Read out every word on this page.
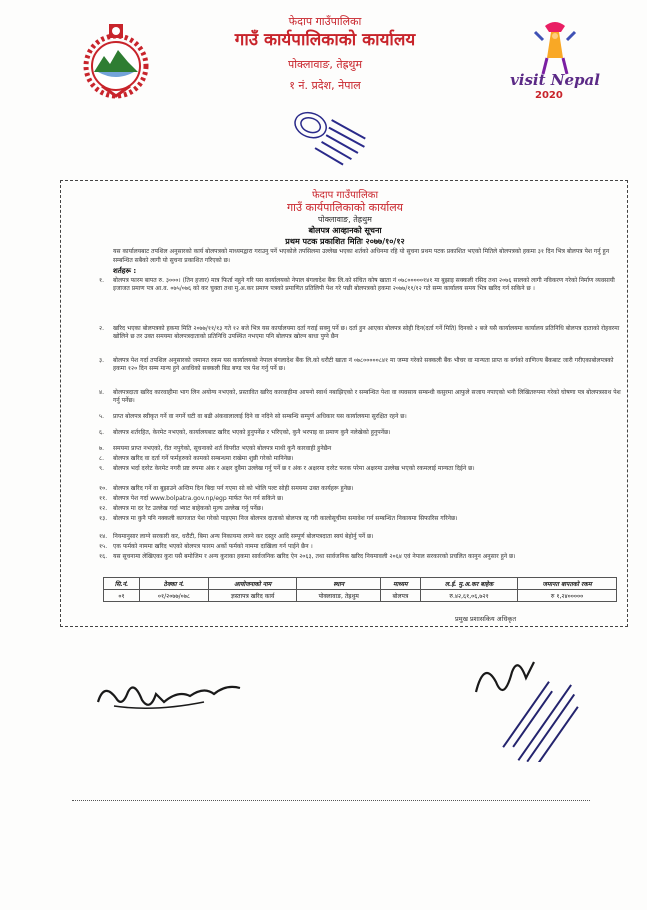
फेदाप गाउँपालिका
गाउँ कार्यपालिकाको कार्यालय
पोक्लावाङ, तेह्रथुम
१ नं. प्रदेश, नेपाल	visit Nepal
2020
फेदाप गाउँपालिका
गाउँ कार्यपालिकाको कार्यालय
पोक्लावाङ, तेह्रथुम
बोलपत्र आव्हानको सूचना
प्रथम पटक प्रकाशित मितिः २०७७/१०/१२
यस कार्यालयबाट तपशिल अनुसारको कार्य बोलपत्रको माध्यमद्वारा गराउनु पर्ने भएकोले तपसिलमा उल्लेख भएका शर्तको अधिनमा रहि यो सुचना प्रथम पटक प्रकाशित भएको मितिले बोलपत्रको हकमा ३१ दिन भित्र बोलपत्र पेश गर्नु हुन सम्बन्धित सबैको लागी यो सुचना प्रकाशित गरिएको छ।
शर्तहरू :
१.	बोलपत्र फारम बापत रु. ३०००। (तिन हजार) मात्र फिर्ता नहुने गरि यस कार्यालयको नेपाल बंगलादेश बैंक लि.को संचित कोष खाता नं ०७८०००००१४१ मा बुझाइ सक्कली रसिद तथा २०७६ सालको लागी नविकरण गरेको निर्माण व्यवसायी इजाजत प्रमाण पत्र आ.व. ०७५/०७६ को कर चुक्ता तथा मु.अ.कर प्रमाण पत्रको प्रमाणित प्रतिलिपी पेश गरे पछी बोलपत्रको हकमा २०७७/११/१२ गते सम्म कार्यालय समय भित्र खरिद गर्न सकिने छ ।
२.	खरिद भएका बोलपत्रको हकमा मिति २०७७/११/१३ गते १२ बजे भित्र यस कार्यालयमा दर्ता गराई सक्नु पर्ने छ। दर्ता हुन आएका बोलपत्र सोही दिन(दर्ता गर्ने मिति) दिनको २ बजे यसै कार्यालयमा कार्यालय प्रतिनिधि बोलपत्र दाताको रोहवरमा खोलिने छ तर उक्त समयमा बोलपत्रदाताको प्रतिनिधि उपस्थित नभएमा पनि बोलपत्र खोल्न बाधा पुग्ने छैन
३.	बोलपत्र पेश गर्दा तपशिल अनुसारको जमानत रकम यस कार्यालयको नेपाल बंगलादेश बैंक लि.को धरौटी खाता नं ०७८०००००८४१ मा जम्मा गरेको सक्कली बैंक भौचर वा मान्यता प्राप्त क वर्गको वाणिज्य बैंकबाट जारी गरीएकाबोलपत्रको हकमा १२० दिन सम्म मान्य हुने अवधिको सक्कली बिड बण्ड पत्र पेश गर्नु पर्ने छ।
४.	बोलपत्रदाता खरिद कारवाहीमा भाग लिन अयोग्य नभएको, प्रस्तावित खरिद कारवाहीमा आफ्नो स्वार्थ नबाझिएको र सम्बन्धित पेशा वा व्यवसाय सम्बन्धी कसुरमा आफुले सजाय नपाएको भनी लिखितरुपमा गरेको घोषणा पत्र बोलपत्रसाथ पेश गर्नु पर्नेछ।
५.	प्राप्त बोलपत्र स्वीकृत गर्ने वा नगर्ने घटी वा बढी अंकवालालाई दिने वा नदिने सो सम्बन्धि सम्पुर्ण अधिकार यस कार्यालयमा सुरक्षित रहने छ।
६.	बोलपत्र शर्तरहित, केरमेट नभएको, कार्यालयबाट खरिद भएको हुनुपर्नेछ र भरिएको, कुनै भरपाइ वा प्रमाण कुनै नलेखेको हुनुपर्नेछ।
७.	समयमा प्राप्त नभएको, रीत नपुगेको, सूचनाको शर्त विपरीत भएको बोलपत्र माथी कुनै कारवाही हुनेछैन
८.	बोलपत्र खरिद वा दर्ता गर्ने फर्महरुको कामको सम्बन्धमा राखेमा शुन्नी गरेको मानिनेछ।
९.	बोलपत्र भर्दा दररेट केरमेट नगरी प्रष्ट रुपमा अंक र अक्षर दुवैमा उल्लेख गर्नु पर्ने छ र अंक र अक्षरमा दररेट फरक परेमा अक्षरमा उल्लेख भएको रकमलाई मान्यता दिईने छ।
१०. बोलपत्र खरिद गर्ने वा बुझाउने अन्तिम दिन बिदा पर्न गएमा सो को भोलि पल्ट सोही समयमा उक्त कार्यहरू हुनेछ।
११. बोलपत्र पेश गर्दा www.bolpatra.gov.np/egp मार्फत पेश गर्न सकिने छ।
१२. बोलपत्र मा दर रेट उल्लेख गर्दा भ्याट बाहेकको मुल्य उल्लेख गर्नु पर्नेछ।
१३. बोलपत्र मा कुनै पनि नक्कली कागजात पेश गरेको पाइएमा निज बोलपत्र दाताको बोलपत्र रद्द गरी कालोसूचीमा समावेश गर्न सम्बन्धित निकायमा सिफारिस गरिनेछ।
१४. नियमानुसार लाग्ने सरकारी कर, धरौटी, बिमा अन्य निकायमा लाग्ने कर दस्तुर आदि सम्पूर्ण बोलपत्रदाता स्वयं बेहोर्नु पर्ने छ।
१५. एक फर्मको नाममा खरिद भएको बोलपत्र फारम अर्को फर्मको नाममा दाखिला गर्न पाईने छैन ।
१६. यस सूचनामा लेखिएका कुरा यसै बमोजिम र अन्य कुराका हकमा सार्वजनिक खरिद ऐन २०६३, तथा सार्वजनिक खरिद नियमावली २०६४ एवं नेपाल सरकारको प्रचलित कानुन अनुसार हुने छ।
सि.नं.	ठेक्का नं.	आयोजनाको नाम	स्थान	माध्यम	ल.ई. मु.अ.कर बाहेक	जमानत बापतको रकम
०१	०१/२०७७/०७८	ज्ञस्तापत्र खरिद कार्य	पोक्लावाङ, तेह्रथुम	बोलपत्र	रु.४२,६१,०६,७२१	रु १,२४०००००
प्रमुख प्रशासकिय अधिकृत
